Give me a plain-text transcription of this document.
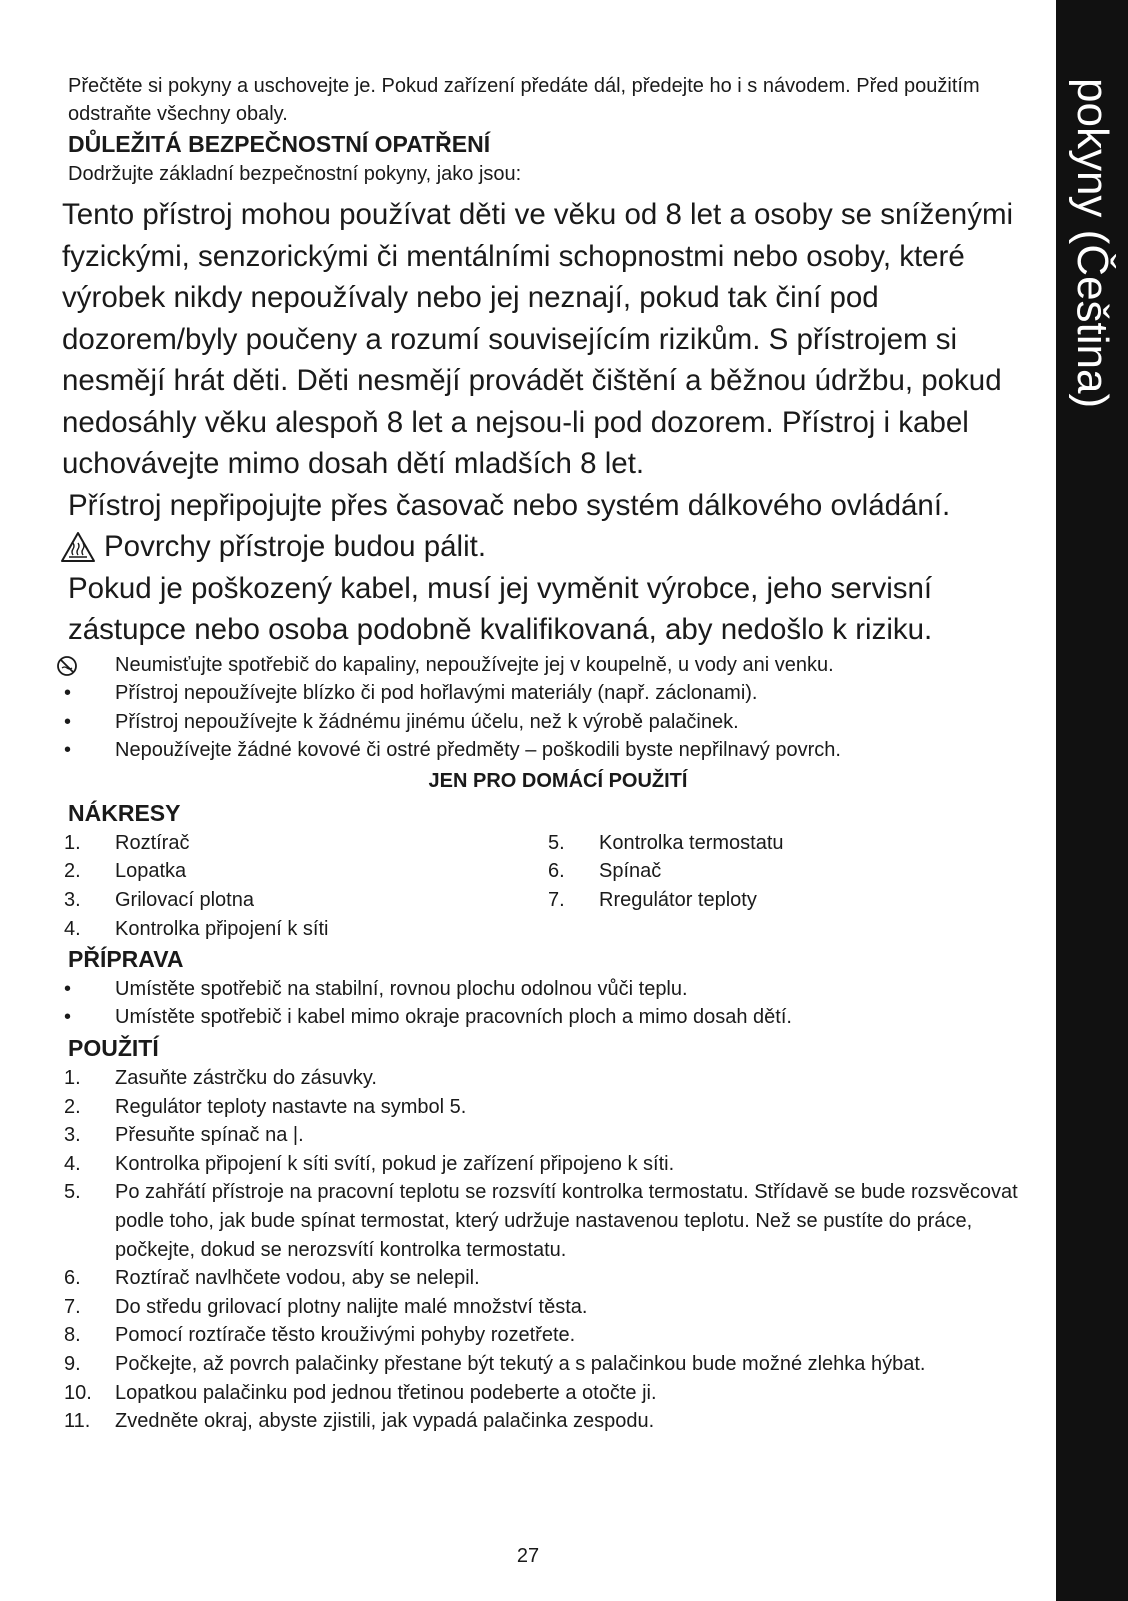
pokyny (Čeština)

Přečtěte si pokyny a uschovejte je. Pokud zařízení předáte dál, předejte ho i s návodem. Před použitím odstraňte všechny obaly.

DŮLEŽITÁ BEZPEČNOSTNÍ OPATŘENÍ

Dodržujte základní bezpečnostní pokyny, jako jsou:

Tento přístroj mohou používat děti ve věku od 8 let a osoby se sníženými fyzickými, senzorickými či mentálními schopnostmi nebo osoby, které výrobek nikdy nepoužívaly nebo jej neznají, pokud tak činí pod dozorem/byly poučeny a rozumí souvisejícím rizikům. S přístrojem si nesmějí hrát děti. Děti nesmějí provádět čištění a běžnou údržbu, pokud nedosáhly věku alespoň 8 let a nejsou-li pod dozorem. Přístroj i kabel uchovávejte mimo dosah dětí mladších 8 let.

Přístroj nepřipojujte přes časovač nebo systém dálkového ovládání.

Povrchy přístroje budou pálit.

Pokud je poškozený kabel, musí jej vyměnit výrobce, jeho servisní zástupce nebo osoba podobně kvalifikovaná, aby nedošlo k riziku.

Neumisťujte spotřebič do kapaliny, nepoužívejte jej v koupelně, u vody ani venku.
•	Přístroj nepoužívejte blízko či pod hořlavými materiály (např. záclonami).
•	Přístroj nepoužívejte k žádnému jinému účelu, než k výrobě palačinek.
•	Nepoužívejte žádné kovové či ostré předměty – poškodili byste nepřilnavý povrch.

JEN PRO DOMÁCÍ POUŽITÍ

NÁKRESY
1. Roztírač
2. Lopatka
3. Grilovací plotna
4. Kontrolka připojení k síti
5. Kontrolka termostatu
6. Spínač
7. Rregulátor teploty
PŘÍPRAVA
•	Umístěte spotřebič na stabilní, rovnou plochu odolnou vůči teplu.
•	Umístěte spotřebič i kabel mimo okraje pracovních ploch a mimo dosah dětí.
POUŽITÍ
1. Zasuňte zástrčku do zásuvky.
2. Regulátor teploty nastavte na symbol 5.
3. Přesuňte spínač na |.
4. Kontrolka připojení k síti svítí, pokud je zařízení připojeno k síti.
5. Po zahřátí přístroje na pracovní teplotu se rozsvítí kontrolka termostatu. Střídavě se bude rozsvěcovat podle toho, jak bude spínat termostat, který udržuje nastavenou teplotu. Než se pustíte do práce, počkejte, dokud se nerozsvítí kontrolka termostatu.
6. Roztírač navlhčete vodou, aby se nelepil.
7. Do středu grilovací plotny nalijte malé množství těsta.
8. Pomocí roztírače těsto krouživými pohyby rozetřete.
9. Počkejte, až povrch palačinky přestane být tekutý a s palačinkou bude možné zlehka hýbat.
10. Lopatkou palačinku pod jednou třetinou podeberte a otočte ji.
11. Zvedněte okraj, abyste zjistili, jak vypadá palačinka zespodu.
27
